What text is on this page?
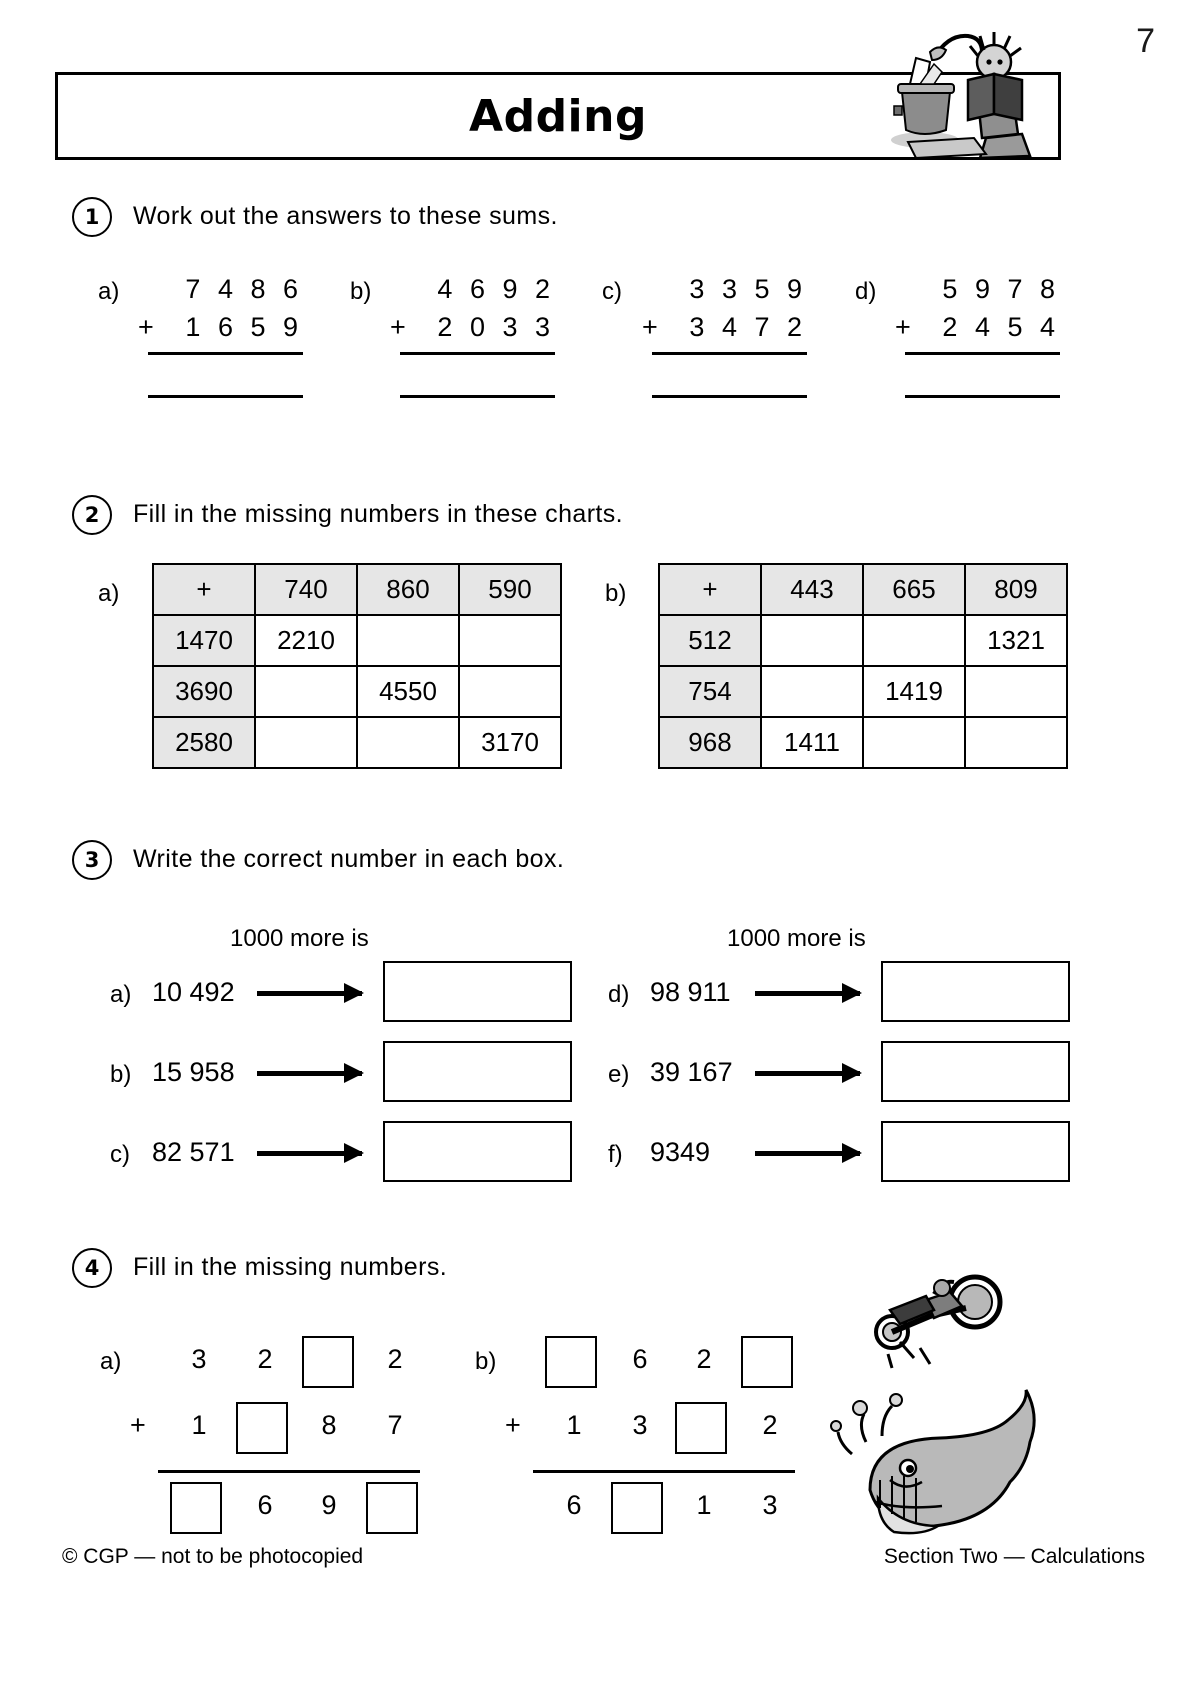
7
Adding
1	Work out the answers to these sums.
a) 7 4 8 6
+ 1 6 5 9
b) 4 6 9 2
+ 2 0 3 3
c) 3 3 5 9
+ 3 4 7 2
d) 5 9 7 8
+ 2 4 5 4
2	Fill in the missing numbers in these charts.
a)	+	740	860	590
1470	2210		
3690		4550	
2580			3170
b)	+	443	665	809
512			1321
754		1419	
968	1411		
3	Write the correct number in each box.
1000 more is	1000 more is
a) 10 492
b) 15 958
c) 82 571
d) 98 911
e) 39 167
f) 9349
4	Fill in the missing numbers.
a)	3	2	2
+	1	8	7
6	9
b)	6	2
+	1	3	2
6	1	3
© CGP — not to be photocopied	Section Two — Calculations
